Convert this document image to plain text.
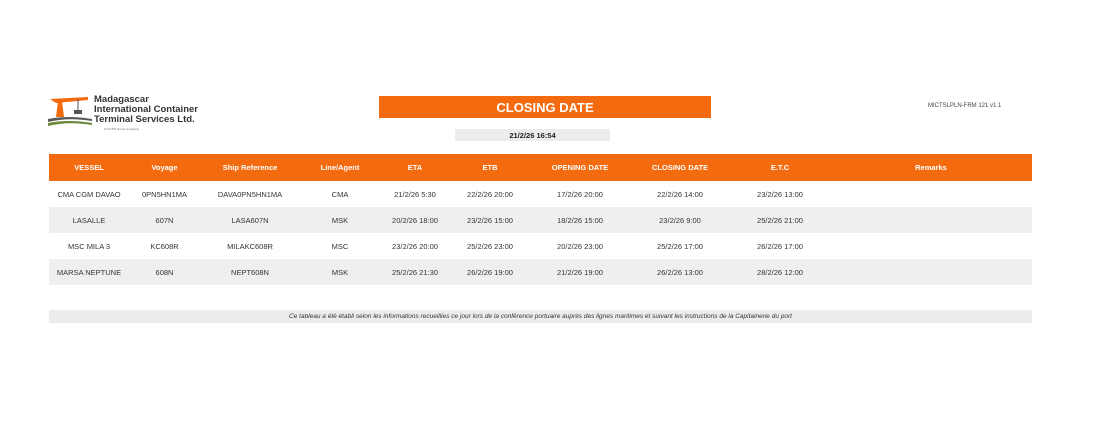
Madagascar
International Container
Terminal Services Ltd.
An ICTSI Group Company
CLOSING DATE	MICTSLPLN-FRM 121 v1.1
21/2/26 16:54
VESSEL	Voyage	Ship Reference	Line/Agent	ETA	ETB	OPENING DATE	CLOSING DATE	E.T.C	Remarks
CMA CGM DAVAO	0PN5HN1MA	DAVA0PN5HN1MA	CMA	21/2/26 5:30	22/2/26 20:00	17/2/26 20:00	22/2/26 14:00	23/2/26 13:00	
LASALLE	607N	LASA607N	MSK	20/2/26 18:00	23/2/26 15:00	18/2/26 15:00	23/2/26 9:00	25/2/26 21:00	
MSC MILA 3	KC608R	MILAKC608R	MSC	23/2/26 20:00	25/2/26 23:00	20/2/26 23:00	25/2/26 17:00	26/2/26 17:00	
MARSA NEPTUNE	608N	NEPT608N	MSK	25/2/26 21:30	26/2/26 19:00	21/2/26 19:00	26/2/26 13:00	28/2/26 12:00	
Ce tableau a été établi selon les informations recueillies ce jour lors de la conférence portuaire auprès des lignes maritimes et suivant les instructions de la Capitainerie du port
